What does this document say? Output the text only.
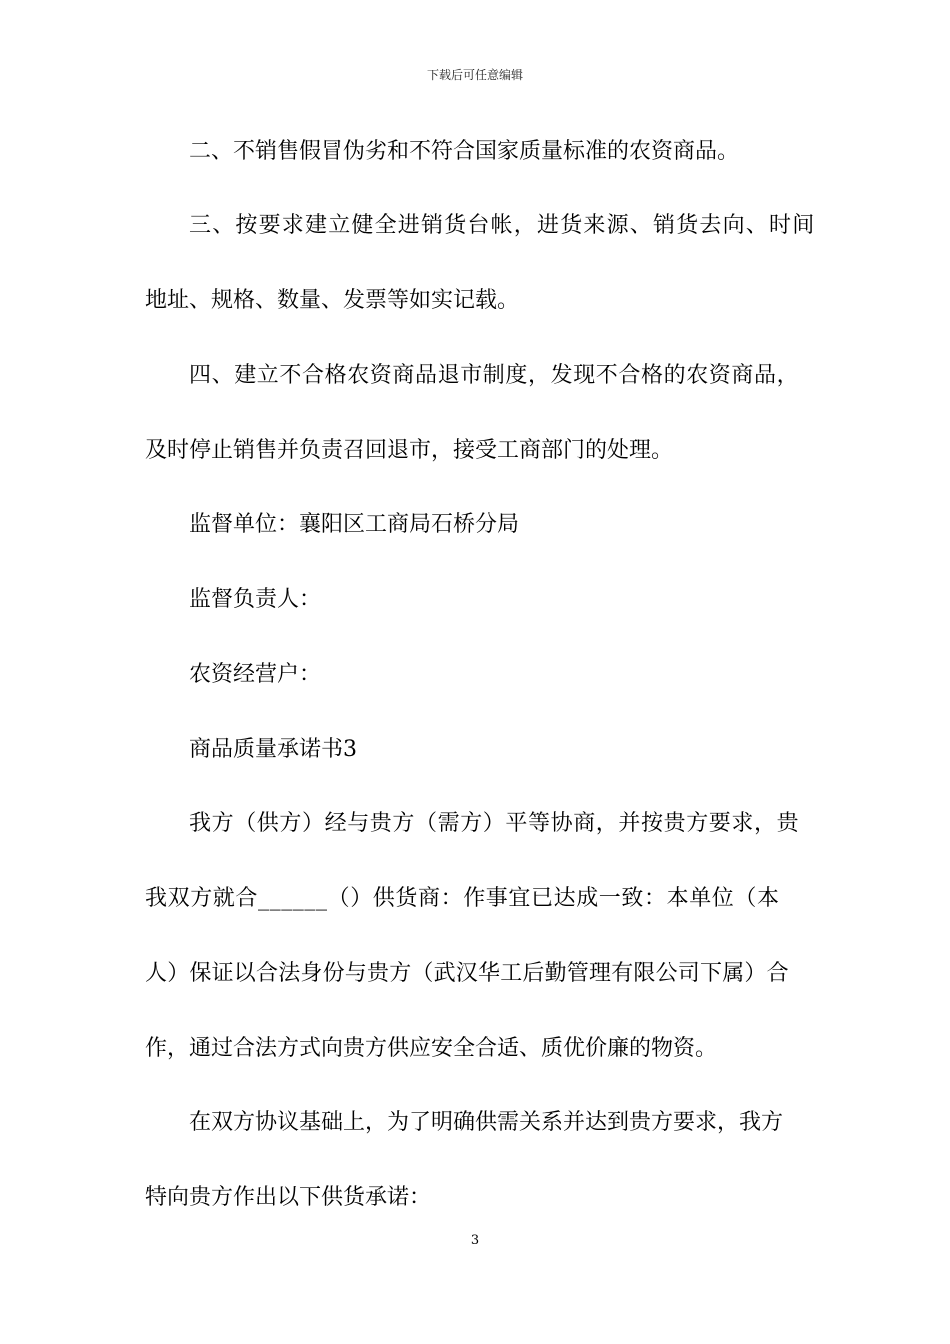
下载后可任意编辑
二、不销售假冒伪劣和不符合国家质量标准的农资商品。
三、按要求建立健全进销货台帐，进货来源、销货去向、时间
地址、规格、数量、发票等如实记载。
四、建立不合格农资商品退市制度，发现不合格的农资商品，
及时停止销售并负责召回退市，接受工商部门的处理。
监督单位：襄阳区工商局石桥分局
监督负责人：
农资经营户：
商品质量承诺书3
我方（供方）经与贵方（需方）平等协商，并按贵方要求，贵
我双方就合______（）供货商：作事宜已达成一致：本单位（本
人）保证以合法身份与贵方（武汉华工后勤管理有限公司下属）合
作，通过合法方式向贵方供应安全合适、质优价廉的物资。
在双方协议基础上，为了明确供需关系并达到贵方要求，我方
特向贵方作出以下供货承诺：
3
